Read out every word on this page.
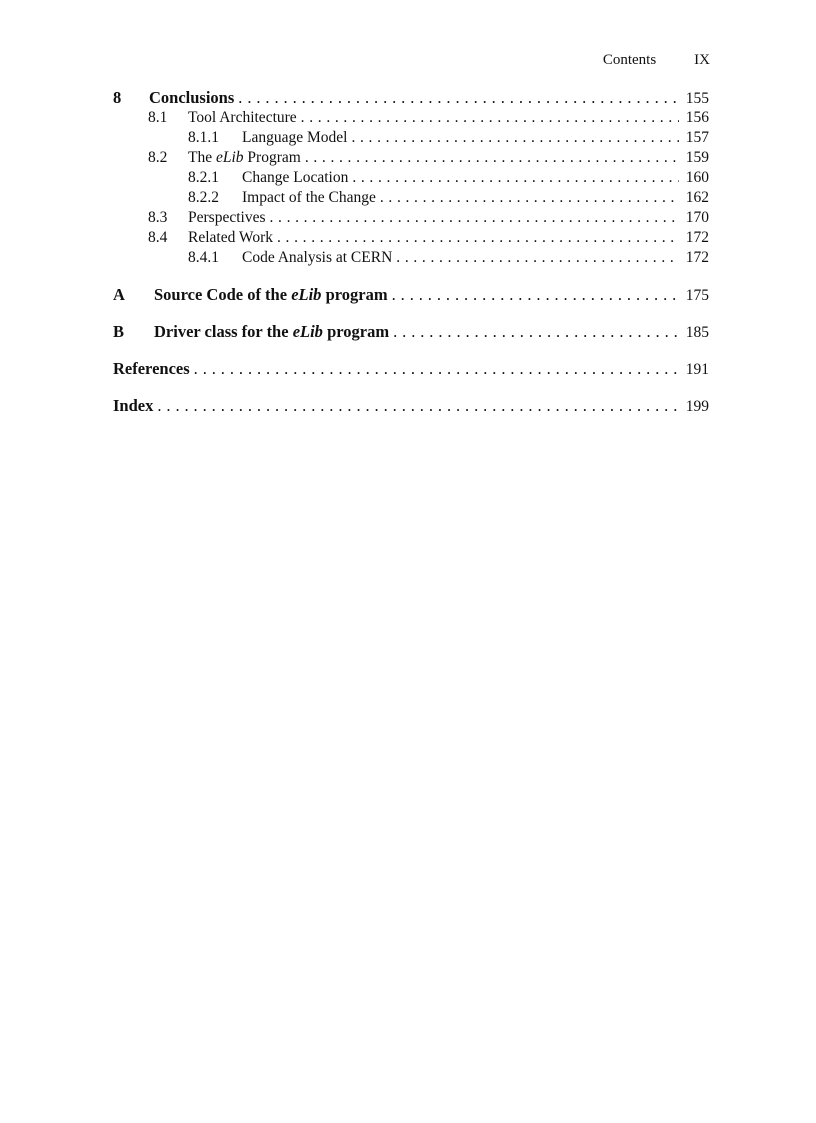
Contents	IX
8	Conclusions . . .	155
8.1	Tool Architecture . . .	156
8.1.1	Language Model . . .	157
8.2	The eLib Program . . .	159
8.2.1	Change Location . . .	160
8.2.2	Impact of the Change . . .	162
8.3	Perspectives . . .	170
8.4	Related Work . . .	172
8.4.1	Code Analysis at CERN . . .	172
A	Source Code of the eLib program . . .	175
B	Driver class for the eLib program . . .	185
References . . .	191
Index . . .	199
